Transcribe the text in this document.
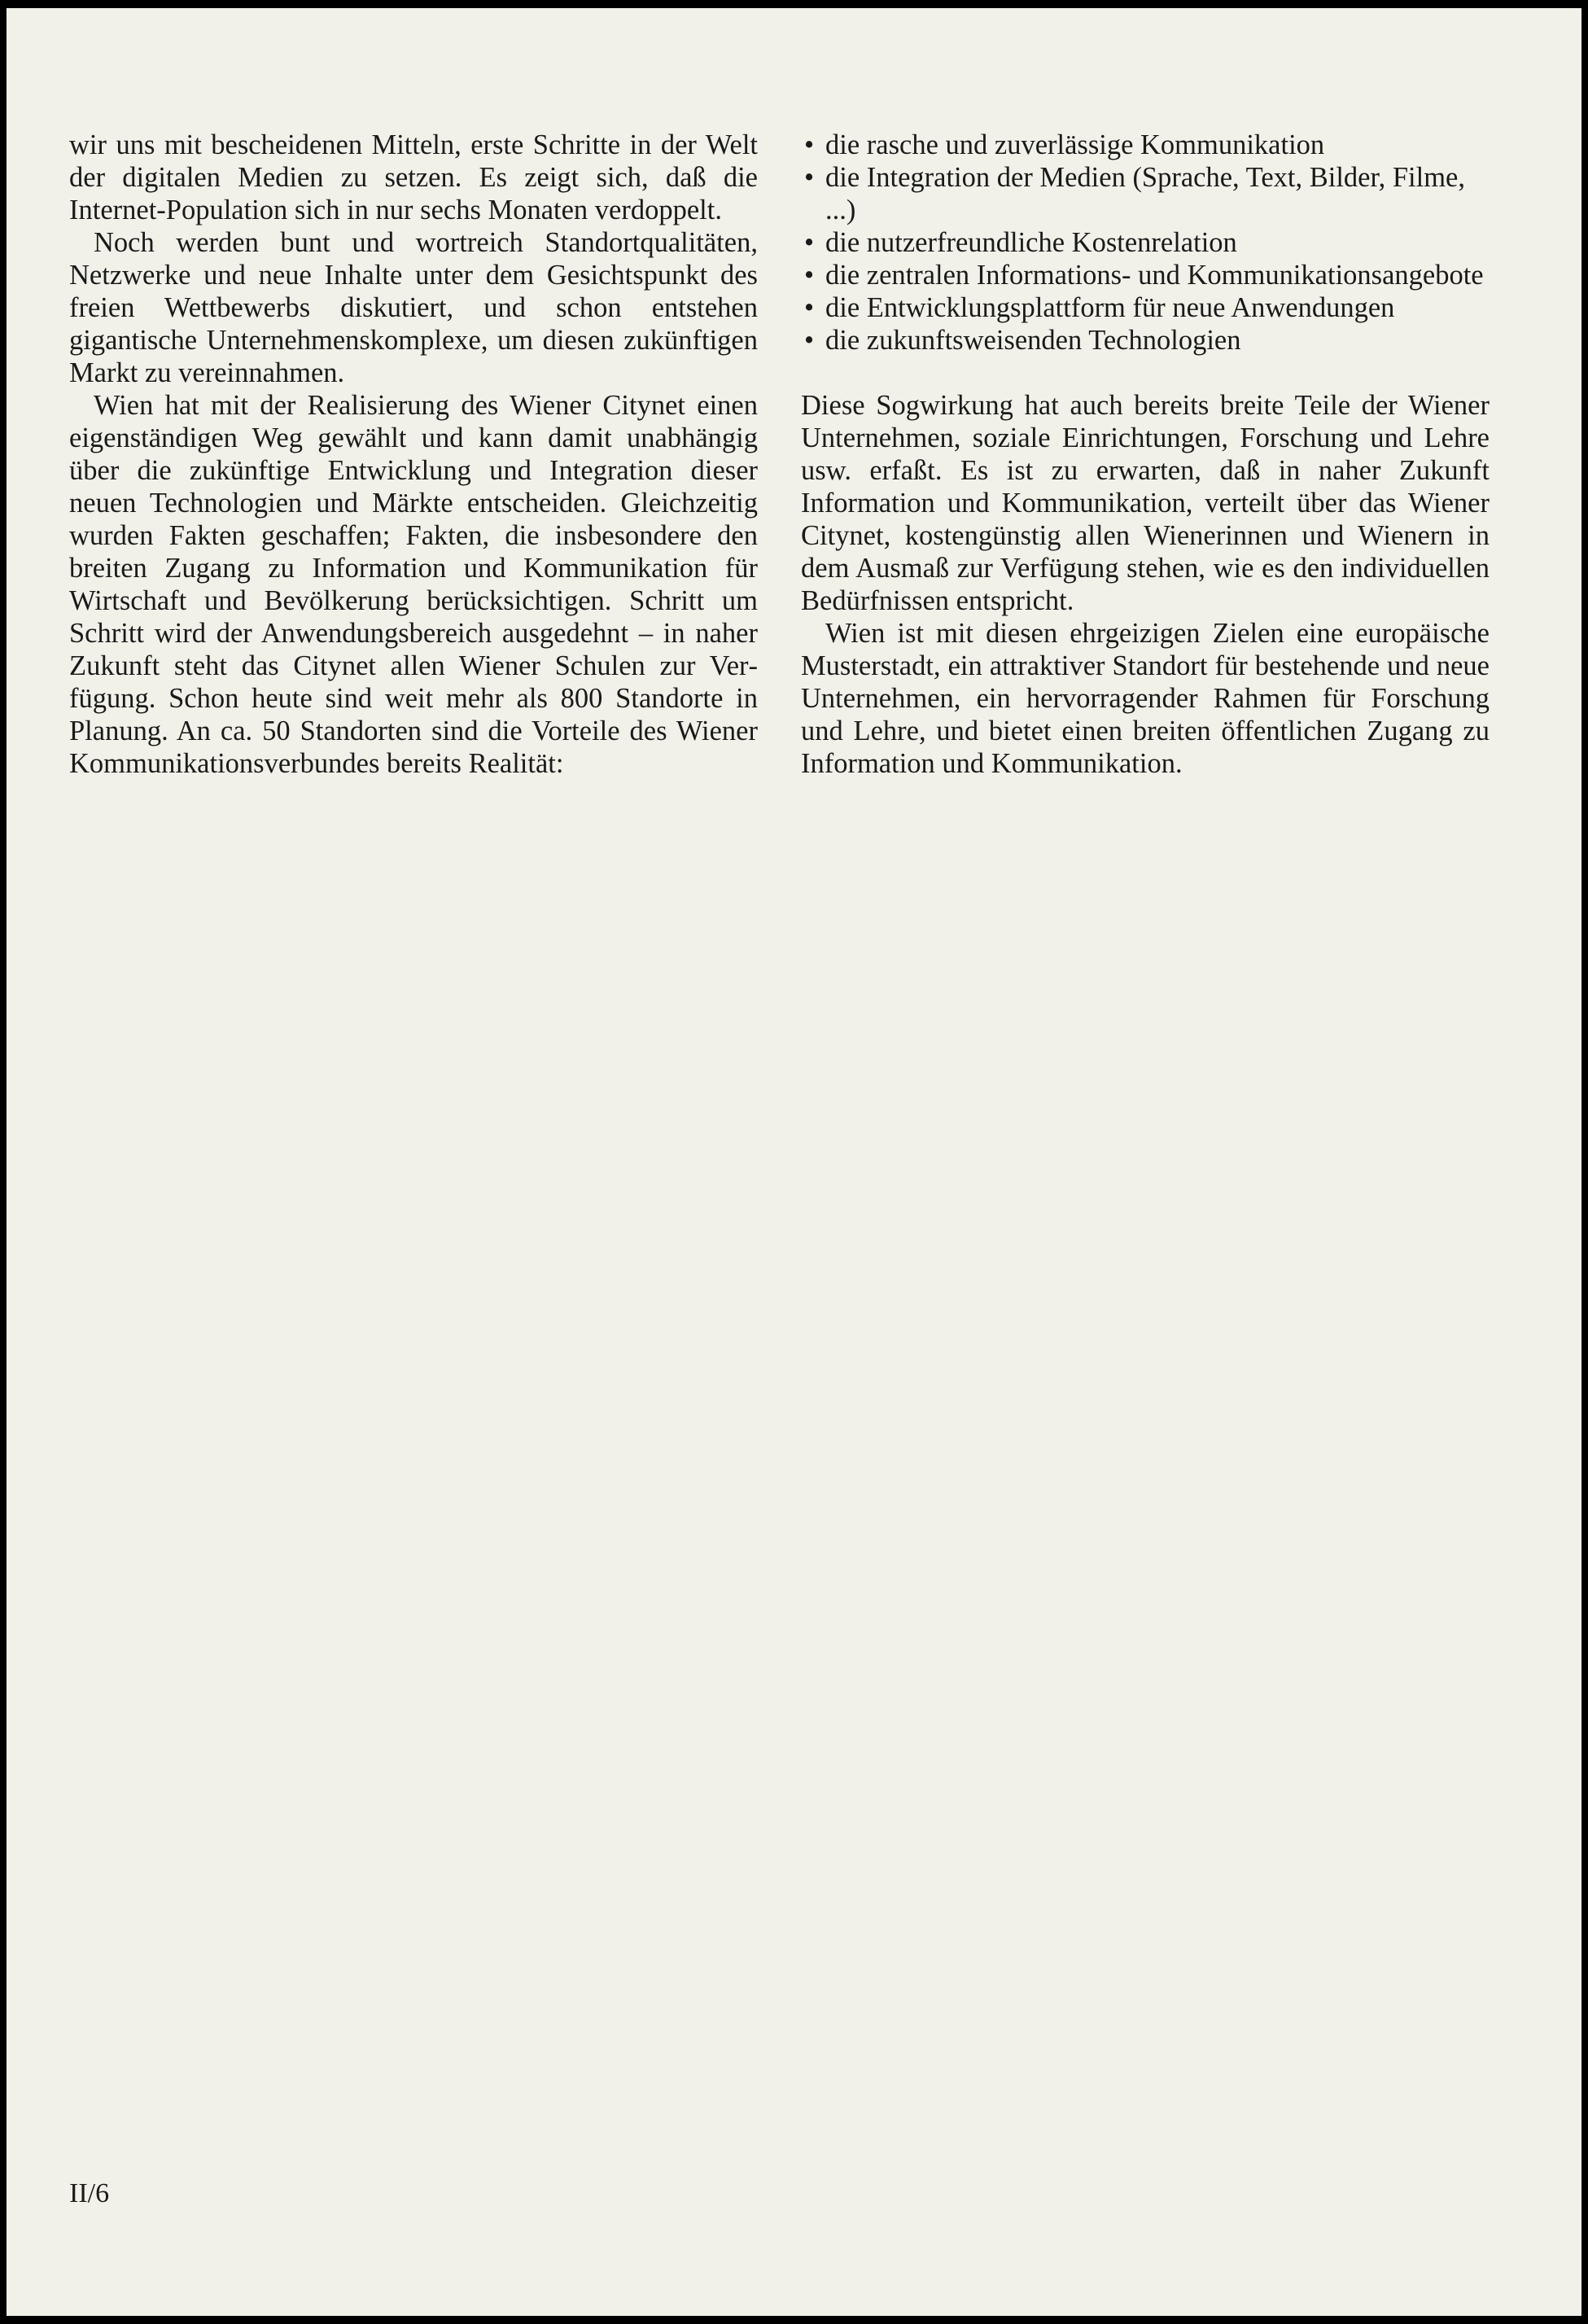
wir uns mit bescheidenen Mitteln, erste Schritte in der Welt der digitalen Medien zu setzen. Es zeigt sich, daß die Internet-Population sich in nur sechs Monaten verdoppelt.

Noch werden bunt und wortreich Standortqualitäten, Netzwerke und neue Inhalte unter dem Gesichtspunkt des freien Wettbewerbs diskutiert, und schon entstehen gigantische Unternehmenskomplexe, um diesen zukünftigen Markt zu vereinnahmen.

Wien hat mit der Realisierung des Wiener Citynet einen eigenständigen Weg gewählt und kann damit unabhängig über die zukünftige Entwicklung und Integration dieser neuen Technologien und Märkte entscheiden. Gleichzeitig wurden Fakten geschaffen; Fakten, die insbesondere den breiten Zugang zu Information und Kommunikation für Wirtschaft und Bevölkerung berücksichtigen. Schritt um Schritt wird der Anwendungsbereich ausgedehnt – in naher Zukunft steht das Citynet allen Wiener Schulen zur Verfügung. Schon heute sind weit mehr als 800 Standorte in Planung. An ca. 50 Standorten sind die Vorteile des Wiener Kommunikationsverbundes bereits Realität:

• die rasche und zuverlässige Kommunikation
• die Integration der Medien (Sprache, Text, Bilder, Filme, ...)
• die nutzerfreundliche Kostenrelation
• die zentralen Informations- und Kommunikationsangebote
• die Entwicklungsplattform für neue Anwendungen
• die zukunftsweisenden Technologien

Diese Sogwirkung hat auch bereits breite Teile der Wiener Unternehmen, soziale Einrichtungen, Forschung und Lehre usw. erfaßt. Es ist zu erwarten, daß in naher Zukunft Information und Kommunikation, verteilt über das Wiener Citynet, kostengünstig allen Wienerinnen und Wienern in dem Ausmaß zur Verfügung stehen, wie es den individuellen Bedürfnissen entspricht.

Wien ist mit diesen ehrgeizigen Zielen eine europäische Musterstadt, ein attraktiver Standort für bestehende und neue Unternehmen, ein hervorragender Rahmen für Forschung und Lehre, und bietet einen breiten öffentlichen Zugang zu Information und Kommunikation.

II/6
